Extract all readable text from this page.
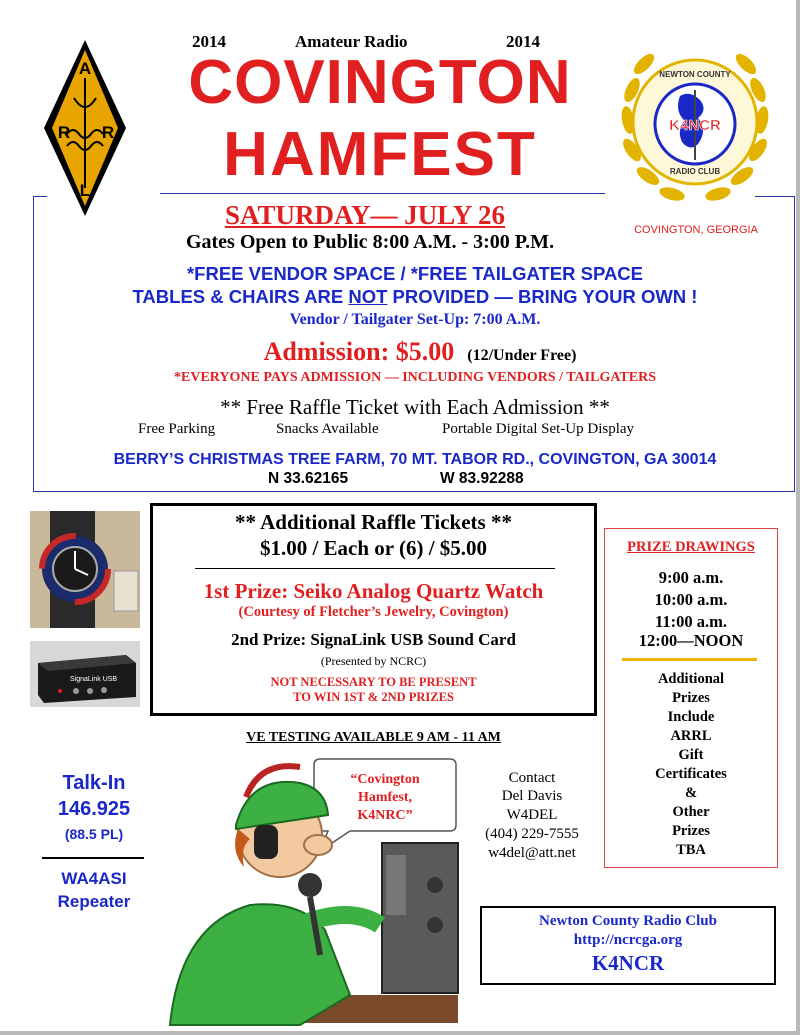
2014	Amateur Radio	2014
COVINGTON
HAMFEST
A
R R
L
NEWTON COUNTY
K4NCR
RADIO CLUB
COVINGTON, GEORGIA
SATURDAY— JULY 26
Gates Open to Public 8:00 A.M. - 3:00 P.M.
*FREE VENDOR SPACE / *FREE TAILGATER SPACE
TABLES & CHAIRS ARE NOT PROVIDED — BRING YOUR OWN !
Vendor / Tailgater Set-Up: 7:00 A.M.
Admission: $5.00 (12/Under Free)
*EVERYONE PAYS ADMISSION — INCLUDING VENDORS / TAILGATERS
** Free Raffle Ticket with Each Admission **
Free Parking	Snacks Available	Portable Digital Set-Up Display
BERRY’S CHRISTMAS TREE FARM, 70 MT. TABOR RD., COVINGTON, GA 30014
N 33.62165	W 83.92288
SignaLink USB
** Additional Raffle Tickets **
$1.00 / Each or (6) / $5.00
1st Prize: Seiko Analog Quartz Watch
(Courtesy of Fletcher’s Jewelry, Covington)
2nd Prize: SignaLink USB Sound Card
(Presented by NCRC)
NOT NECESSARY TO BE PRESENT
TO WIN 1ST & 2ND PRIZES
VE TESTING AVAILABLE 9 AM - 11 AM
PRIZE DRAWINGS
9:00 a.m.
10:00 a.m.
11:00 a.m.
12:00—NOON
Additional
Prizes
Include
ARRL
Gift
Certificates
&
Other
Prizes
TBA
Talk-In
146.925
(88.5 PL)
WA4ASI
Repeater
“Covington
Hamfest,
K4NRC”
Contact
Del Davis
W4DEL
(404) 229-7555
w4del@att.net
Newton County Radio Club
http://ncrcga.org
K4NCR
